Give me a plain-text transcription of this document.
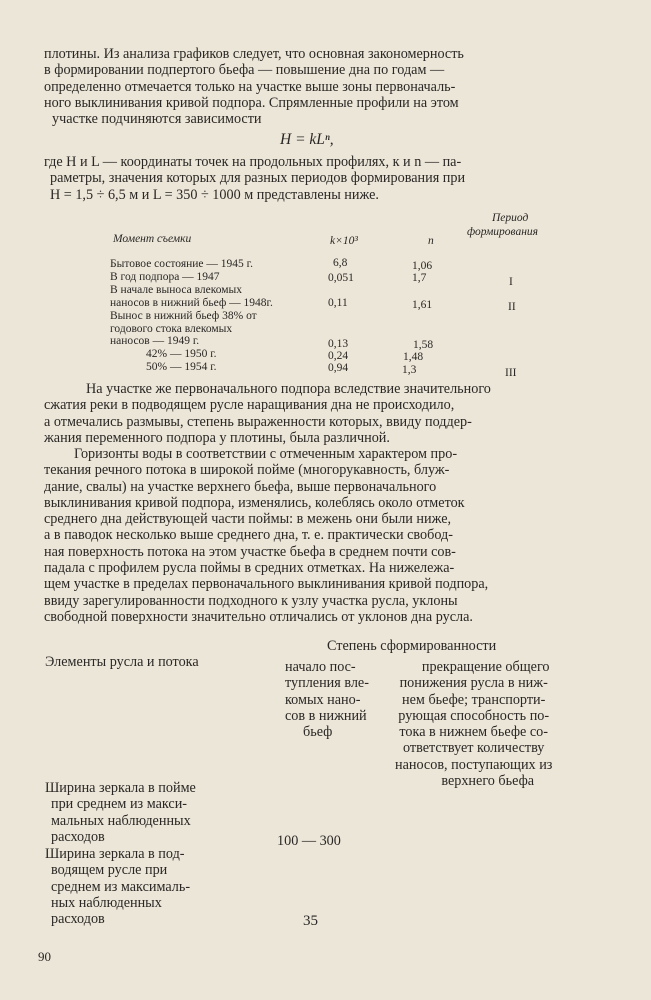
плотины. Из анализа графиков следует, что основная закономерность
в формировании подпертого бьефа — повышение дна по годам —
определенно отмечается только на участке выше зоны первоначаль-
ного выклинивания кривой подпора. Спрямленные профили на этом
участке подчиняются зависимости
H = kLⁿ,
где H и L — координаты точек на продольных профилях, к и n — па-
раметры, значения которых для разных периодов формирования при
H = 1,5 ÷ 6,5 м и L = 350 ÷ 1000 м представлены ниже.
Момент съемки	k×10³	n
Период
формирования
Бытовое состояние — 1945 г.	6,8	1,06
В год подпора — 1947	0,051	1,7	I
В начале выноса влекомых
наносов в нижний бьеф — 1948г.	0,11	1,61	II
Вынос в нижний бьеф 38% от
годового стока влекомых
наносов — 1949 г.	0,13	1,58
42% — 1950 г.	0,24	1,48
50% — 1954 г.	0,94	1,3	III
На участке же первоначального подпора вследствие значительного
сжатия реки в подводящем русле наращивания дна не происходило,
а отмечались размывы, степень выраженности которых, ввиду поддер-
жания переменного подпора у плотины, была различной.
Горизонты воды в соответствии с отмеченным характером про-
текания речного потока в широкой пойме (многорукавность, блуж-
дание, свалы) на участке верхнего бьефа, выше первоначального
выклинивания кривой подпора, изменялись, колеблясь около отметок
среднего дна действующей части поймы: в межень они были ниже,
а в паводок несколько выше среднего дна, т. е. практически свобод-
ная поверхность потока на этом участке бьефа в среднем почти сов-
падала с профилем русла поймы в средних отметках. На нижележа-
щем участке в пределах первоначального выклинивания кривой подпора,
ввиду зарегулированности подходного к узлу участка русла, уклоны
свободной поверхности значительно отличались от уклонов дна русла.
Степень сформированности
Элементы русла и потока	начало пос-
тупления вле-
комых нано-
сов в нижний
бьеф
прекращение общего
понижения русла в ниж-
нем бьефе; транспорти-
рующая способность по-
тока в нижнем бьефе со-
ответствует количеству
наносов, поступающих из
верхнего бьефа
Ширина зеркала в пойме
при среднем из макси-
мальных наблюденных
расходов	100 — 300
Ширина зеркала в под-
водящем русле при
среднем из максималь-
ных наблюденных
расходов	35
90
